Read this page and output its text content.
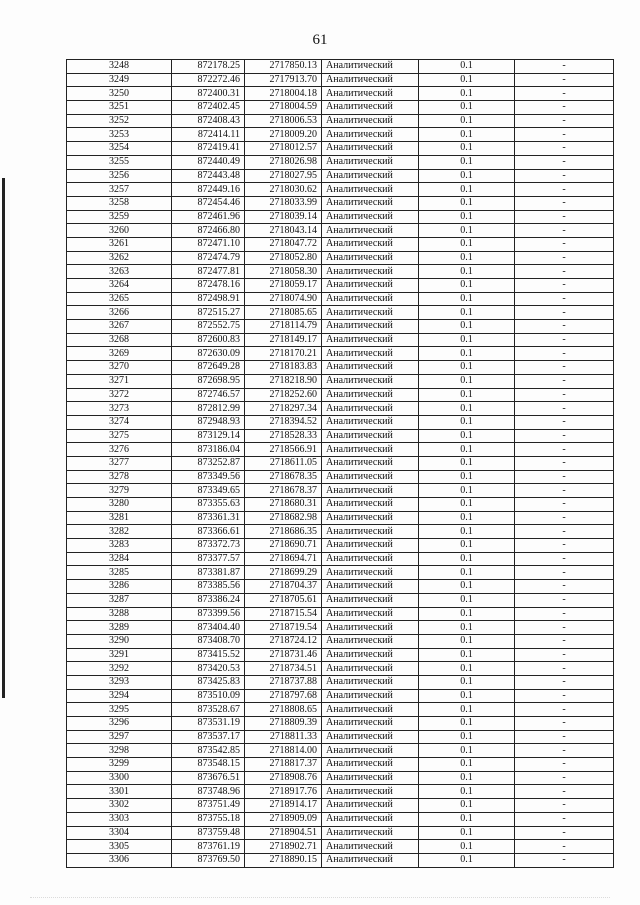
61
3248	872178.25	2717850.13	Аналитический	0.1	-
3249	872272.46	2717913.70	Аналитический	0.1	-
3250	872400.31	2718004.18	Аналитический	0.1	-
3251	872402.45	2718004.59	Аналитический	0.1	-
3252	872408.43	2718006.53	Аналитический	0.1	-
3253	872414.11	2718009.20	Аналитический	0.1	-
3254	872419.41	2718012.57	Аналитический	0.1	-
3255	872440.49	2718026.98	Аналитический	0.1	-
3256	872443.48	2718027.95	Аналитический	0.1	-
3257	872449.16	2718030.62	Аналитический	0.1	-
3258	872454.46	2718033.99	Аналитический	0.1	-
3259	872461.96	2718039.14	Аналитический	0.1	-
3260	872466.80	2718043.14	Аналитический	0.1	-
3261	872471.10	2718047.72	Аналитический	0.1	-
3262	872474.79	2718052.80	Аналитический	0.1	-
3263	872477.81	2718058.30	Аналитический	0.1	-
3264	872478.16	2718059.17	Аналитический	0.1	-
3265	872498.91	2718074.90	Аналитический	0.1	-
3266	872515.27	2718085.65	Аналитический	0.1	-
3267	872552.75	2718114.79	Аналитический	0.1	-
3268	872600.83	2718149.17	Аналитический	0.1	-
3269	872630.09	2718170.21	Аналитический	0.1	-
3270	872649.28	2718183.83	Аналитический	0.1	-
3271	872698.95	2718218.90	Аналитический	0.1	-
3272	872746.57	2718252.60	Аналитический	0.1	-
3273	872812.99	2718297.34	Аналитический	0.1	-
3274	872948.93	2718394.52	Аналитический	0.1	-
3275	873129.14	2718528.33	Аналитический	0.1	-
3276	873186.04	2718566.91	Аналитический	0.1	-
3277	873252.87	2718611.05	Аналитический	0.1	-
3278	873349.56	2718678.35	Аналитический	0.1	-
3279	873349.65	2718678.37	Аналитический	0.1	-
3280	873355.63	2718680.31	Аналитический	0.1	-
3281	873361.31	2718682.98	Аналитический	0.1	-
3282	873366.61	2718686.35	Аналитический	0.1	-
3283	873372.73	2718690.71	Аналитический	0.1	-
3284	873377.57	2718694.71	Аналитический	0.1	-
3285	873381.87	2718699.29	Аналитический	0.1	-
3286	873385.56	2718704.37	Аналитический	0.1	-
3287	873386.24	2718705.61	Аналитический	0.1	-
3288	873399.56	2718715.54	Аналитический	0.1	-
3289	873404.40	2718719.54	Аналитический	0.1	-
3290	873408.70	2718724.12	Аналитический	0.1	-
3291	873415.52	2718731.46	Аналитический	0.1	-
3292	873420.53	2718734.51	Аналитический	0.1	-
3293	873425.83	2718737.88	Аналитический	0.1	-
3294	873510.09	2718797.68	Аналитический	0.1	-
3295	873528.67	2718808.65	Аналитический	0.1	-
3296	873531.19	2718809.39	Аналитический	0.1	-
3297	873537.17	2718811.33	Аналитический	0.1	-
3298	873542.85	2718814.00	Аналитический	0.1	-
3299	873548.15	2718817.37	Аналитический	0.1	-
3300	873676.51	2718908.76	Аналитический	0.1	-
3301	873748.96	2718917.76	Аналитический	0.1	-
3302	873751.49	2718914.17	Аналитический	0.1	-
3303	873755.18	2718909.09	Аналитический	0.1	-
3304	873759.48	2718904.51	Аналитический	0.1	-
3305	873761.19	2718902.71	Аналитический	0.1	-
3306	873769.50	2718890.15	Аналитический	0.1	-
